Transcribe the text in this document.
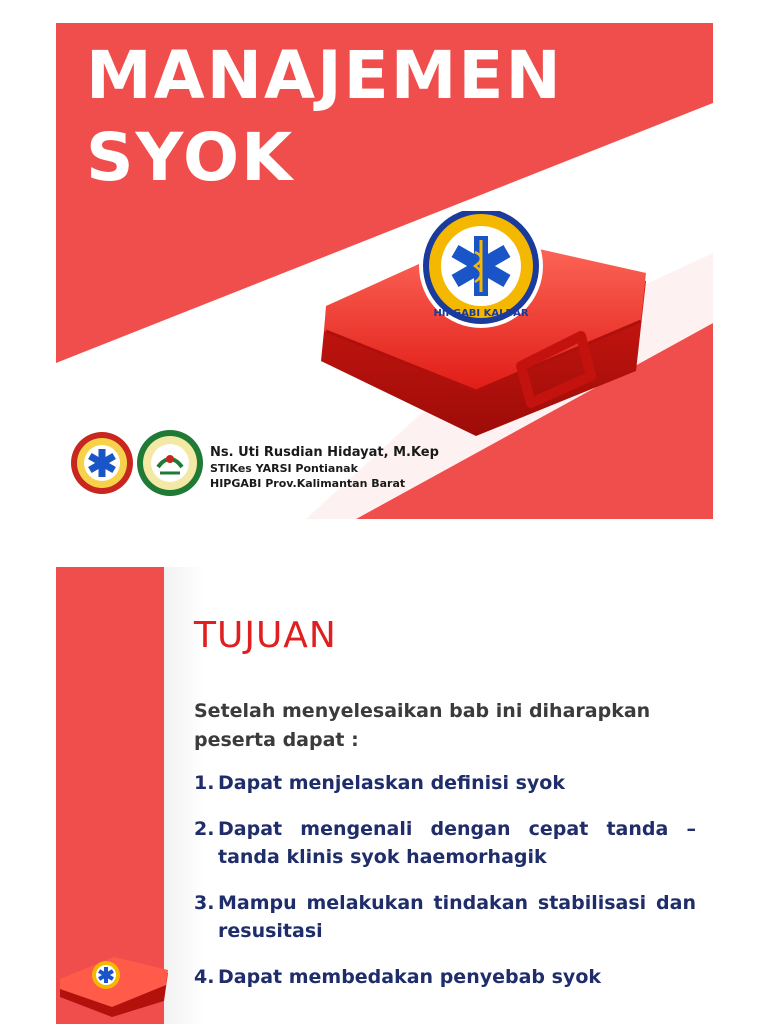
MANAJEMEN
SYOK
HIPGABI KALBAR
Ns. Uti Rusdian Hidayat, M.Kep
STIKes YARSI Pontianak
HIPGABI Prov.Kalimantan Barat
TUJUAN
Setelah menyelesaikan bab ini diharapkan peserta dapat :
1. Dapat menjelaskan definisi syok
2. Dapat mengenali dengan cepat tanda – tanda klinis syok haemorhagik
3. Mampu melakukan tindakan stabilisasi dan resusitasi
4. Dapat membedakan penyebab syok
